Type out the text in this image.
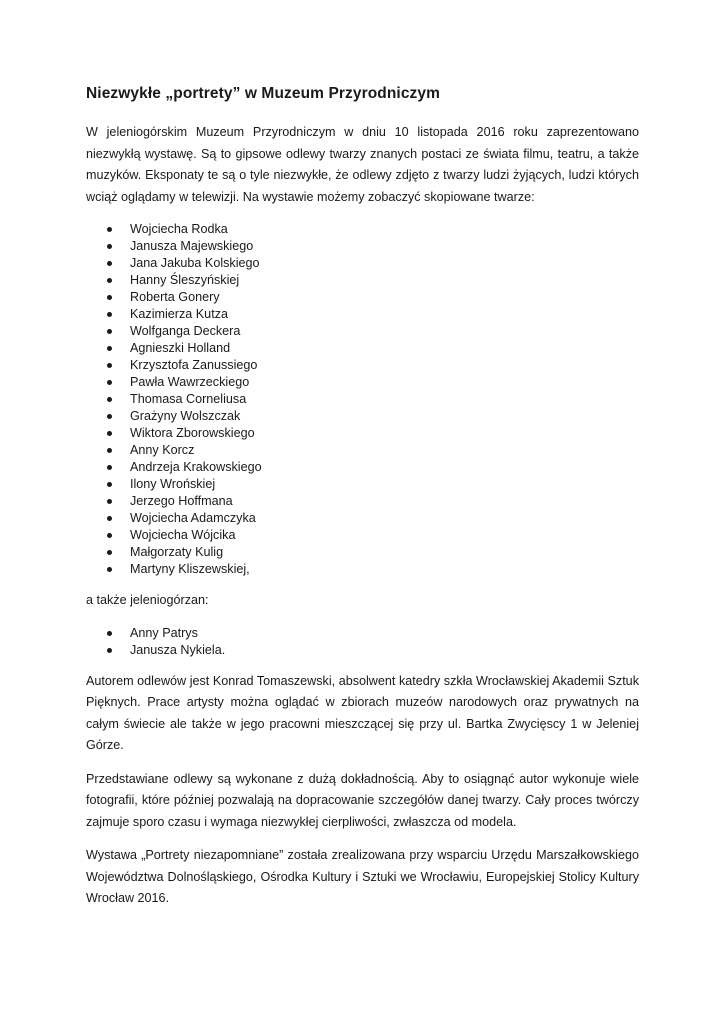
Niezwykłe „portrety” w Muzeum Przyrodniczym

W jeleniogórskim Muzeum Przyrodniczym w dniu 10 listopada 2016 roku zaprezentowano niezwykłą wystawę. Są to gipsowe odlewy twarzy znanych postaci ze świata filmu, teatru, a także muzyków. Eksponaty te są o tyle niezwykłe, że odlewy zdjęto z twarzy ludzi żyjących, ludzi których wciąż oglądamy w telewizji. Na wystawie możemy zobaczyć skopiowane twarze:

Wojciecha Rodka
Janusza Majewskiego
Jana Jakuba Kolskiego
Hanny Śleszyńskiej
Roberta Gonery
Kazimierza Kutza
Wolfganga Deckera
Agnieszki Holland
Krzysztofa Zanussiego
Pawła Wawrzeckiego
Thomasa Corneliusa
Grażyny Wolszczak
Wiktora Zborowskiego
Anny Korcz
Andrzeja Krakowskiego
Ilony Wrońskiej
Jerzego Hoffmana
Wojciecha Adamczyka
Wojciecha Wójcika
Małgorzaty Kulig
Martyny Kliszewskiej,

a także jeleniogórzan:

Anny Patrys
Janusza Nykiela.

Autorem odlewów jest Konrad Tomaszewski, absolwent katedry szkła Wrocławskiej Akademii Sztuk Pięknych. Prace artysty można oglądać w zbiorach muzeów narodowych oraz prywatnych na całym świecie ale także w jego pracowni mieszczącej się przy ul. Bartka Zwycięscy 1 w Jeleniej Górze.

Przedstawiane odlewy są wykonane z dużą dokładnością. Aby to osiągnąć autor wykonuje wiele fotografii, które później pozwalają na dopracowanie szczegółów danej twarzy. Cały proces twórczy zajmuje sporo czasu i wymaga niezwykłej cierpliwości, zwłaszcza od modela.

Wystawa „Portrety niezapomniane” została zrealizowana przy wsparciu Urzędu Marszałkowskiego Województwa Dolnośląskiego, Ośrodka Kultury i Sztuki we Wrocławiu, Europejskiej Stolicy Kultury Wrocław 2016.
